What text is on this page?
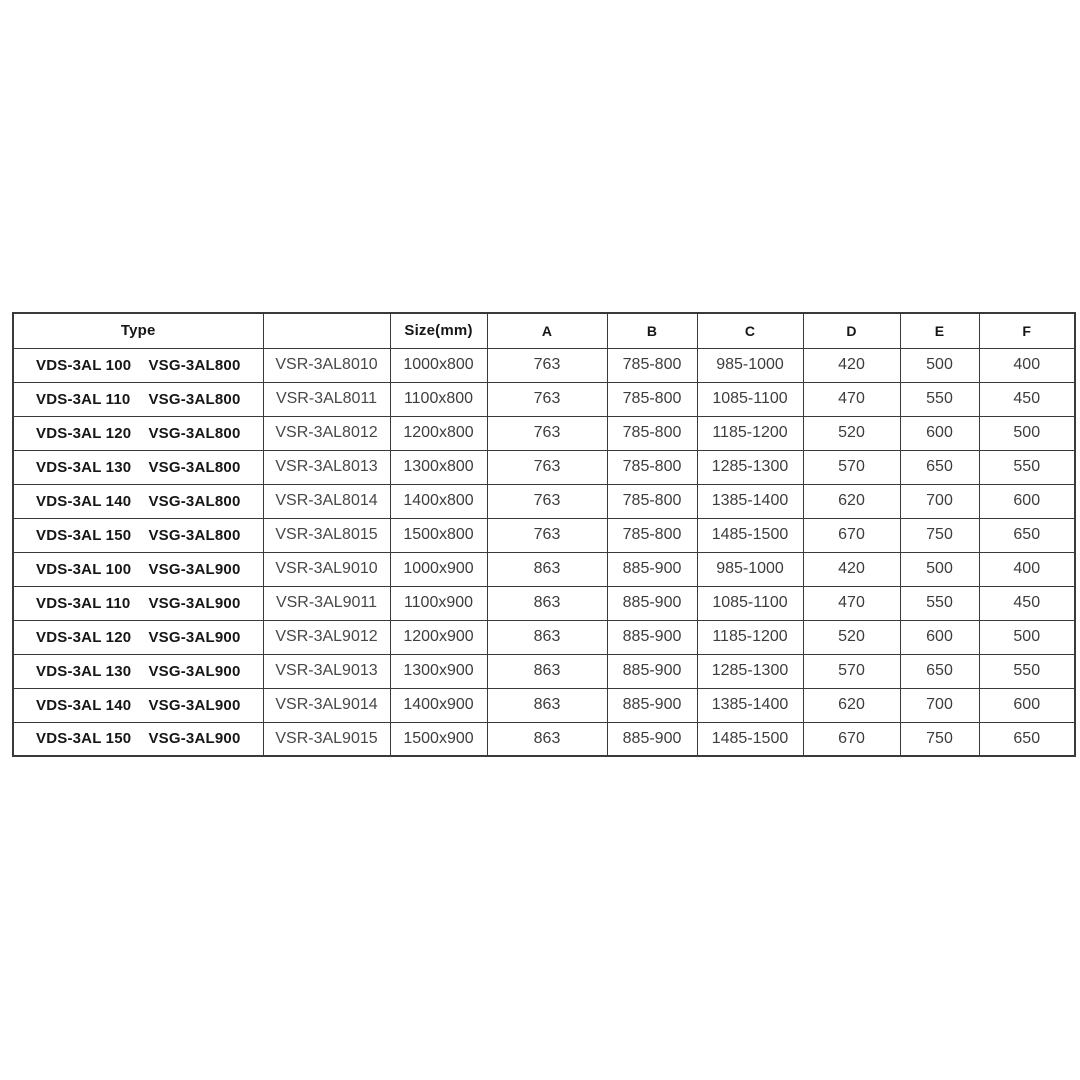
Type		Size(mm)	A	B	C	D	E	F

VDS-3AL 100 VSG-3AL800	VSR-3AL8010	1000x800	763	785-800	985-1000	420	500	400

VDS-3AL 110 VSG-3AL800	VSR-3AL8011	1100x800	763	785-800	1085-1100	470	550	450

VDS-3AL 120 VSG-3AL800	VSR-3AL8012	1200x800	763	785-800	1185-1200	520	600	500

VDS-3AL 130 VSG-3AL800	VSR-3AL8013	1300x800	763	785-800	1285-1300	570	650	550

VDS-3AL 140 VSG-3AL800	VSR-3AL8014	1400x800	763	785-800	1385-1400	620	700	600

VDS-3AL 150 VSG-3AL800	VSR-3AL8015	1500x800	763	785-800	1485-1500	670	750	650

VDS-3AL 100 VSG-3AL900	VSR-3AL9010	1000x900	863	885-900	985-1000	420	500	400

VDS-3AL 110 VSG-3AL900	VSR-3AL9011	1100x900	863	885-900	1085-1100	470	550	450

VDS-3AL 120 VSG-3AL900	VSR-3AL9012	1200x900	863	885-900	1185-1200	520	600	500

VDS-3AL 130 VSG-3AL900	VSR-3AL9013	1300x900	863	885-900	1285-1300	570	650	550

VDS-3AL 140 VSG-3AL900	VSR-3AL9014	1400x900	863	885-900	1385-1400	620	700	600

VDS-3AL 150 VSG-3AL900	VSR-3AL9015	1500x900	863	885-900	1485-1500	670	750	650
